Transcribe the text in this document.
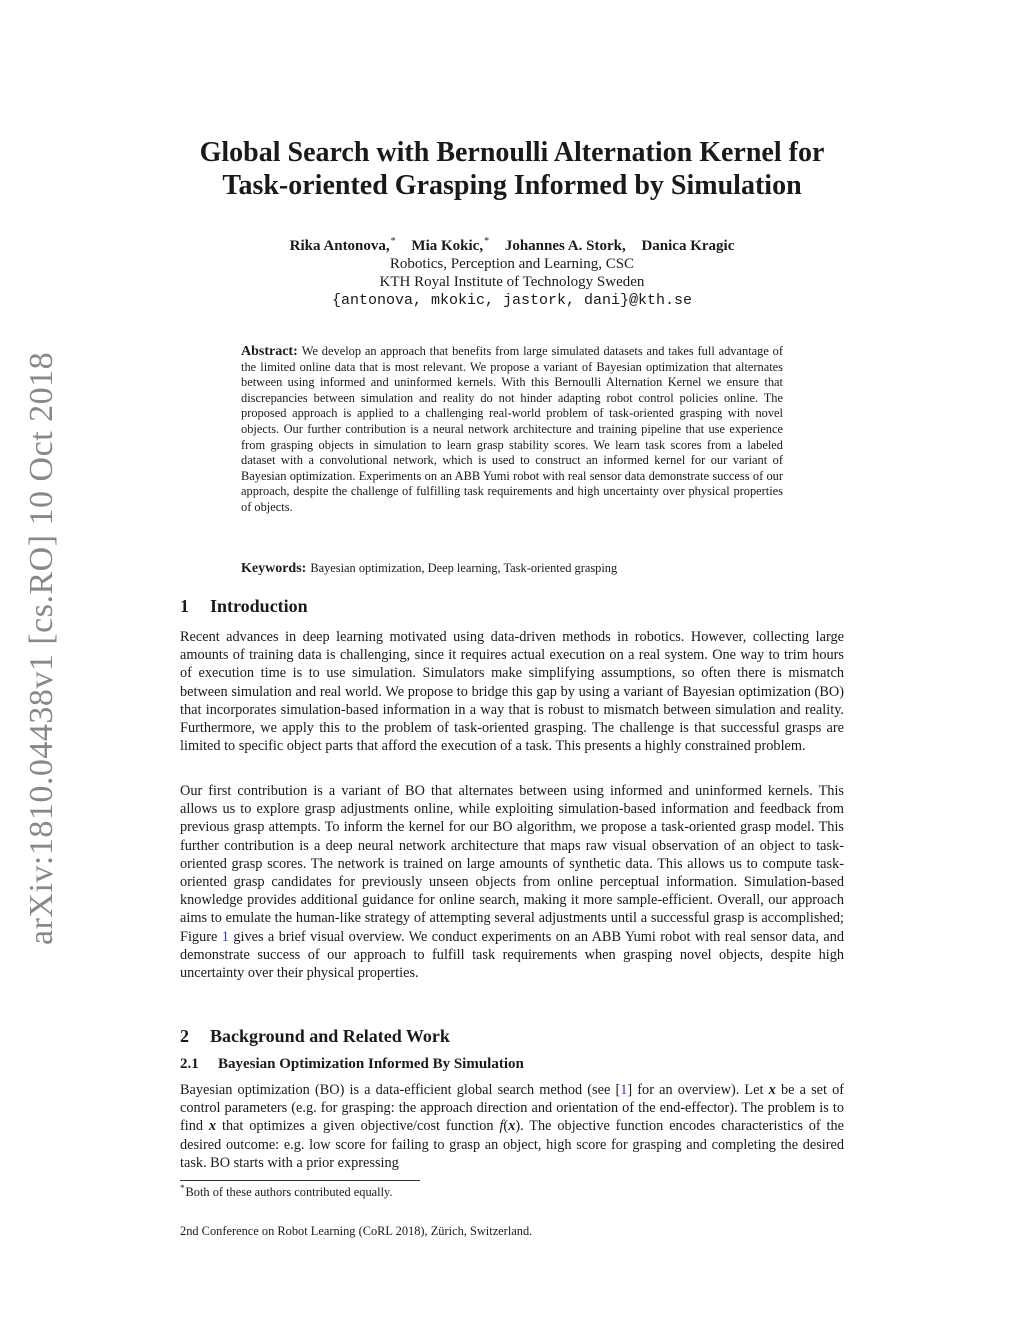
arXiv:1810.04438v1 [cs.RO] 10 Oct 2018
Global Search with Bernoulli Alternation Kernel for
Task-oriented Grasping Informed by Simulation
Rika Antonova,* Mia Kokic,* Johannes A. Stork, Danica Kragic
Robotics, Perception and Learning, CSC
KTH Royal Institute of Technology Sweden
{antonova, mkokic, jastork, dani}@kth.se

Abstract: We develop an approach that benefits from large simulated datasets and takes full advantage of the limited online data that is most relevant. We propose a variant of Bayesian optimization that alternates between using informed and uninformed kernels. With this Bernoulli Alternation Kernel we ensure that discrepancies between simulation and reality do not hinder adapting robot control policies online. The proposed approach is applied to a challenging real-world problem of task-oriented grasping with novel objects. Our further contribution is a neural network architecture and training pipeline that use experience from grasping objects in simulation to learn grasp stability scores. We learn task scores from a labeled dataset with a convolutional network, which is used to construct an informed kernel for our variant of Bayesian optimization. Experiments on an ABB Yumi robot with real sensor data demonstrate success of our approach, despite the challenge of fulfilling task requirements and high uncertainty over physical properties of objects.

Keywords: Bayesian optimization, Deep learning, Task-oriented grasping

1 Introduction

Recent advances in deep learning motivated using data-driven methods in robotics. However, collecting large amounts of training data is challenging, since it requires actual execution on a real system. One way to trim hours of execution time is to use simulation. Simulators make simplifying assumptions, so often there is mismatch between simulation and real world. We propose to bridge this gap by using a variant of Bayesian optimization (BO) that incorporates simulation-based information in a way that is robust to mismatch between simulation and reality. Furthermore, we apply this to the problem of task-oriented grasping. The challenge is that successful grasps are limited to specific object parts that afford the execution of a task. This presents a highly constrained problem.

Our first contribution is a variant of BO that alternates between using informed and uninformed kernels. This allows us to explore grasp adjustments online, while exploiting simulation-based information and feedback from previous grasp attempts. To inform the kernel for our BO algorithm, we propose a task-oriented grasp model. This further contribution is a deep neural network architecture that maps raw visual observation of an object to task-oriented grasp scores. The network is trained on large amounts of synthetic data. This allows us to compute task-oriented grasp candidates for previously unseen objects from online perceptual information. Simulation-based knowledge provides additional guidance for online search, making it more sample-efficient. Overall, our approach aims to emulate the human-like strategy of attempting several adjustments until a successful grasp is accomplished; Figure 1 gives a brief visual overview. We conduct experiments on an ABB Yumi robot with real sensor data, and demonstrate success of our approach to fulfill task requirements when grasping novel objects, despite high uncertainty over their physical properties.

2 Background and Related Work
2.1 Bayesian Optimization Informed By Simulation

Bayesian optimization (BO) is a data-efficient global search method (see [1] for an overview). Let x be a set of control parameters (e.g. for grasping: the approach direction and orientation of the end-effector). The problem is to find x that optimizes a given objective/cost function f(x). The objective function encodes characteristics of the desired outcome: e.g. low score for failing to grasp an object, high score for grasping and completing the desired task. BO starts with a prior expressing

*Both of these authors contributed equally.

2nd Conference on Robot Learning (CoRL 2018), Zürich, Switzerland.
